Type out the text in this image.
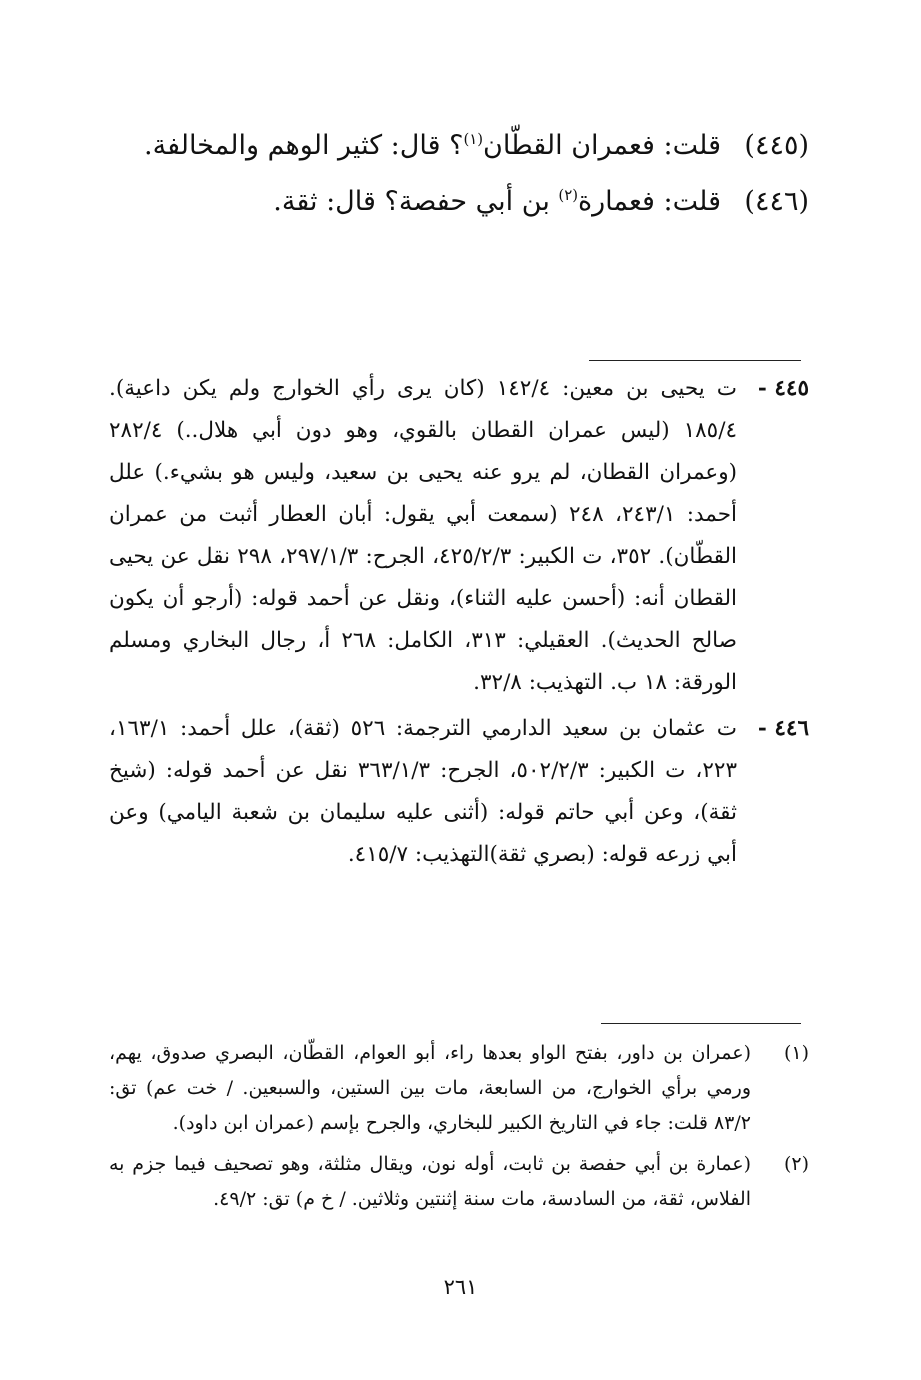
(٤٤٥)
قلت: فعمران القطّان$^{(١)}$؟ قال: كثير الوهم والمخالفة.
(٤٤٦)
قلت: فعمارة$^{(٢)}$ بن أبي حفصة؟ قال: ثقة.
٤٤٥ -
ت يحيى بن معين: ١٤٢/٤ (كان يرى رأي الخوارج ولم يكن داعية). ١٨٥/٤ (ليس عمران القطان بالقوي، وهو دون أبي هلال..) ٢٨٢/٤ (وعمران القطان، لم يرو عنه يحيى بن سعيد، وليس هو بشيء.) علل أحمد: ٢٤٣/١، ٢٤٨ (سمعت أبي يقول: أبان العطار أثبت من عمران القطّان). ٣٥٢، ت الكبير: ٤٢٥/٢/٣، الجرح: ٢٩٧/١/٣، ٢٩٨ نقل عن يحيى القطان أنه: (أحسن عليه الثناء)، ونقل عن أحمد قوله: (أرجو أن يكون صالح الحديث). العقيلي: ٣١٣، الكامل: ٢٦٨ أ، رجال البخاري ومسلم الورقة: ١٨ ب. التهذيب: ٣٢/٨.
٤٤٦ -
ت عثمان بن سعيد الدارمي الترجمة: ٥٢٦ (ثقة)، علل أحمد: ١٦٣/١، ٢٢٣، ت الكبير: ٥٠٢/٢/٣، الجرح: ٣٦٣/١/٣ نقل عن أحمد قوله: (شيخ ثقة)، وعن أبي حاتم قوله: (أثنى عليه سليمان بن شعبة اليامي) وعن أبي زرعه قوله: (بصري ثقة)التهذيب: ٤١٥/٧.
(١)
(عمران بن داور، بفتح الواو بعدها راء، أبو العوام، القطّان، البصري صدوق، يهم، ورمي برأي الخوارج، من السابعة، مات بين الستين، والسبعين. / خت عم) تق: ٨٣/٢ قلت: جاء في التاريخ الكبير للبخاري، والجرح بإسم (عمران ابن داود).
(٢)
(عمارة بن أبي حفصة بن ثابت، أوله نون، ويقال مثلثة، وهو تصحيف فيما جزم به الفلاس، ثقة، من السادسة، مات سنة إثنتين وثلاثين. / خ م) تق: ٤٩/٢.
٢٦١
